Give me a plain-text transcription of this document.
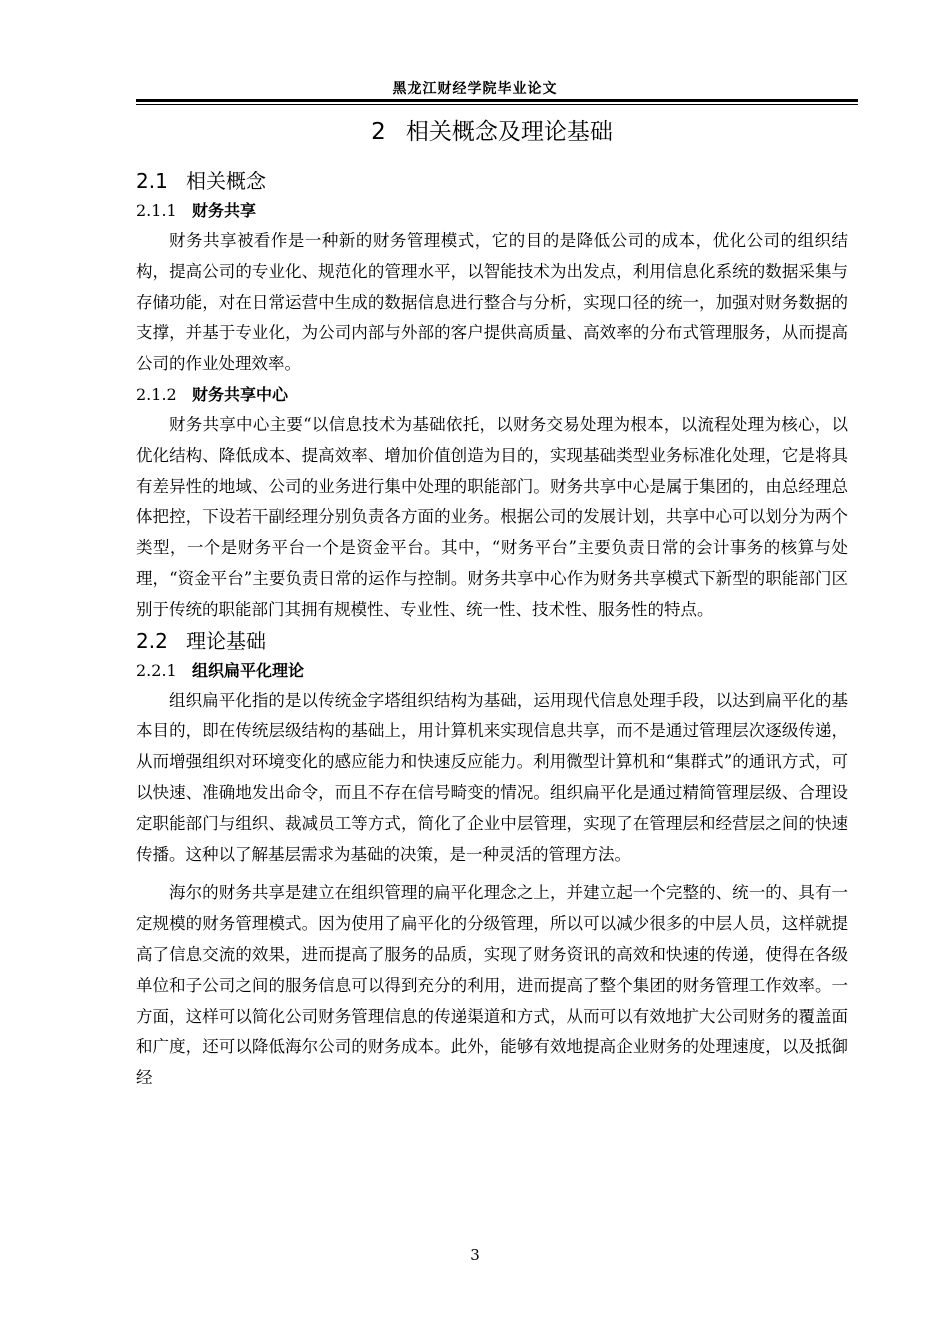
黑龙江财经学院毕业论文
2 相关概念及理论基础
2.1 相关概念
2.1.1 财务共享

财务共享被看作是一种新的财务管理模式，它的目的是降低公司的成本，优化公司的组织结构，提高公司的专业化、规范化的管理水平，以智能技术为出发点，利用信息化系统的数据采集与存储功能，对在日常运营中生成的数据信息进行整合与分析，实现口径的统一，加强对财务数据的支撑，并基于专业化，为公司内部与外部的客户提供高质量、高效率的分布式管理服务，从而提高公司的作业处理效率。

2.1.2 财务共享中心

财务共享中心主要“以信息技术为基础依托，以财务交易处理为根本，以流程处理为核心，以优化结构、降低成本、提高效率、增加价值创造为目的，实现基础类型业务标准化处理，它是将具有差异性的地域、公司的业务进行集中处理的职能部门。财务共享中心是属于集团的，由总经理总体把控，下设若干副经理分别负责各方面的业务。根据公司的发展计划，共享中心可以划分为两个类型，一个是财务平台一个是资金平台。其中，“财务平台”主要负责日常的会计事务的核算与处理，“资金平台”主要负责日常的运作与控制。财务共享中心作为财务共享模式下新型的职能部门区别于传统的职能部门其拥有规模性、专业性、统一性、技术性、服务性的特点。

2.2 理论基础
2.2.1 组织扁平化理论

组织扁平化指的是以传统金字塔组织结构为基础，运用现代信息处理手段，以达到扁平化的基本目的，即在传统层级结构的基础上，用计算机来实现信息共享，而不是通过管理层次逐级传递，从而增强组织对环境变化的感应能力和快速反应能力。利用微型计算机和“集群式”的通讯方式，可以快速、准确地发出命令，而且不存在信号畸变的情况。组织扁平化是通过精简管理层级、合理设定职能部门与组织、裁减员工等方式，简化了企业中层管理，实现了在管理层和经营层之间的快速传播。这种以了解基层需求为基础的决策，是一种灵活的管理方法。

海尔的财务共享是建立在组织管理的扁平化理念之上，并建立起一个完整的、统一的、具有一定规模的财务管理模式。因为使用了扁平化的分级管理，所以可以减少很多的中层人员，这样就提高了信息交流的效果，进而提高了服务的品质，实现了财务资讯的高效和快速的传递，使得在各级单位和子公司之间的服务信息可以得到充分的利用，进而提高了整个集团的财务管理工作效率。一方面，这样可以简化公司财务管理信息的传递渠道和方式，从而可以有效地扩大公司财务的覆盖面和广度，还可以降低海尔公司的财务成本。此外，能够有效地提高企业财务的处理速度，以及抵御经

3
